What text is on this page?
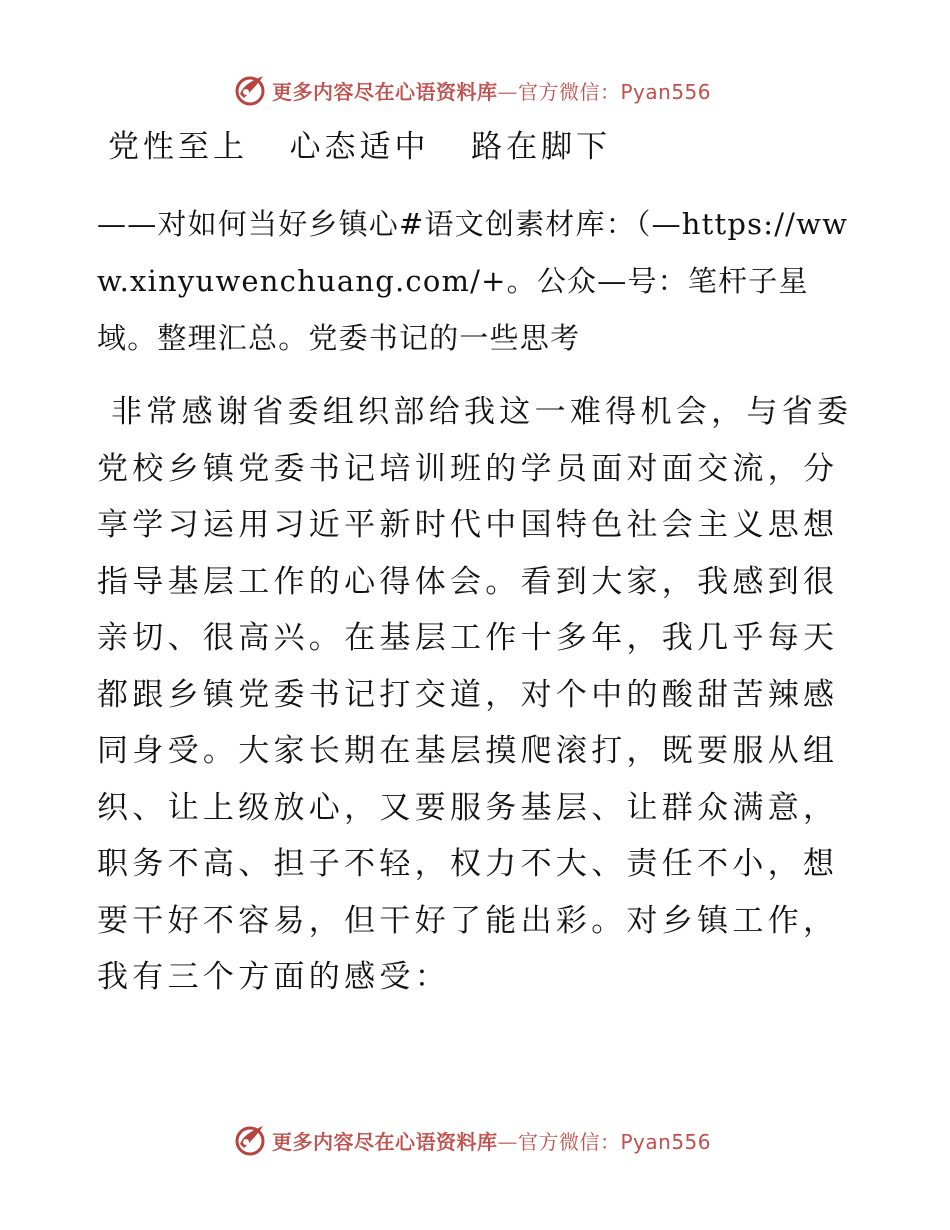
更多内容尽在心语资料库—官方微信：Pyan556
党性至上   心态适中   路在脚下
——对如何当好乡镇心#语文创素材库：（—https://www.xinyuwenchuang.com/+。公众—号：笔杆子星域。整理汇总。党委书记的一些思考
非常感谢省委组织部给我这一难得机会，与省委党校乡镇党委书记培训班的学员面对面交流，分享学习运用习近平新时代中国特色社会主义思想指导基层工作的心得体会。看到大家，我感到很亲切、很高兴。在基层工作十多年，我几乎每天都跟乡镇党委书记打交道，对个中的酸甜苦辣感同身受。大家长期在基层摸爬滚打，既要服从组织、让上级放心，又要服务基层、让群众满意，职务不高、担子不轻，权力不大、责任不小，想要干好不容易，但干好了能出彩。对乡镇工作，我有三个方面的感受：
更多内容尽在心语资料库—官方微信：Pyan556
